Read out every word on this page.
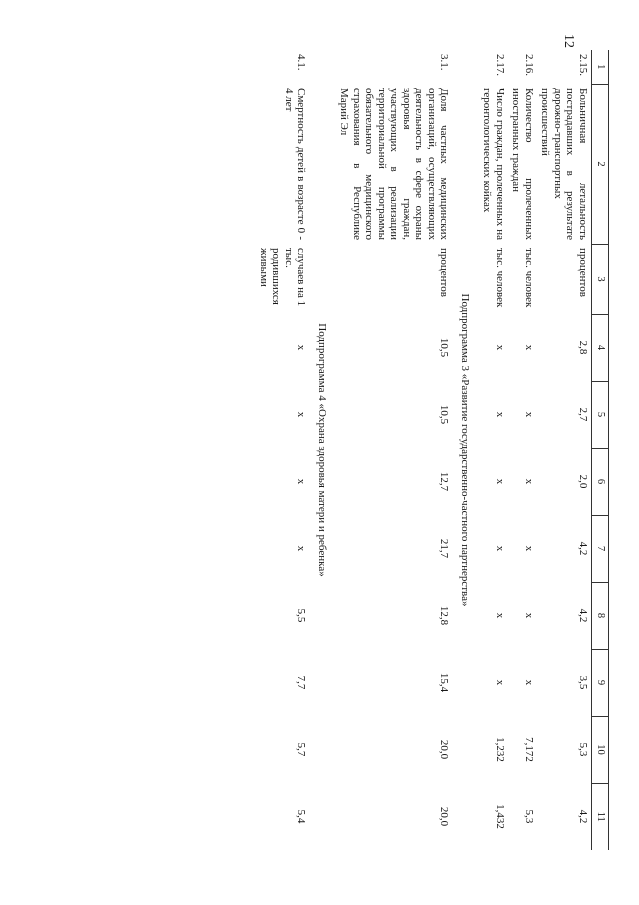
12
1	2	3	4	5	6	7	8	9	10	11
2.15.	Больничная летальность пострадавших в результате дорожно-транспортных происшествий	процентов	2,8	2,7	2,0	4,2	4,2	3,5	5,3	4,2
2.16.	Количество пролеченных иностранных граждан	тыс. человек	х	х	х	х	х	х	7,172	5,3
2.17.	Число граждан, пролеченных на геронтологических койках	тыс. человек	х	х	х	х	х	х	1,232	1,432
Подпрограмма 3 «Развитие государственно-частного партнерства»										
3.1.	Доля частных медицинских организаций, осуществляющих деятельность в сфере охраны здоровья граждан, участвующих в реализации территориальной программы обязательного медицинского страхования в Республике Марий Эл	процентов	10,5	10,5	12,7	21,7	12,8	15,4	20,0	20,0
Подпрограмма 4 «Охрана здоровья матери и ребенка»										
4.1.	Смертность детей в возрасте 0 - 4 лет	случаев на 1 тыс. родившихся живыми	х	х	х	х	5,5	7,7	5,7	5,4
